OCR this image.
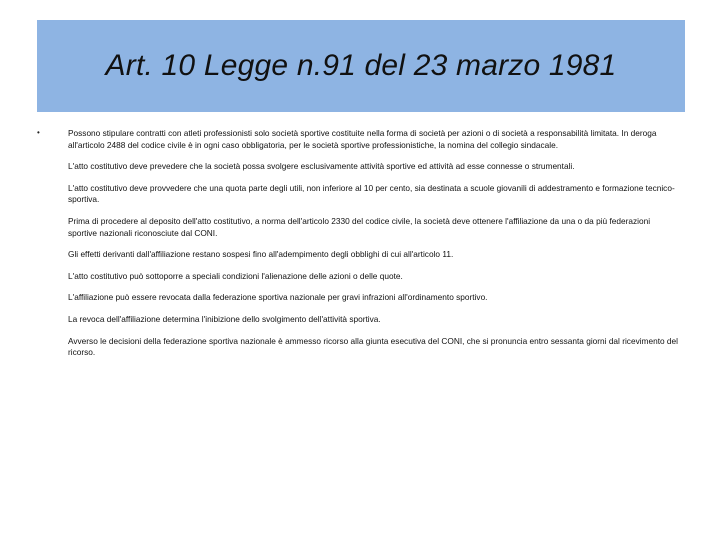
Art. 10 Legge n.91 del 23 marzo 1981
•	Possono stipulare contratti con atleti professionisti solo società sportive costituite nella forma di società per azioni o di società a responsabilità limitata. In deroga all'articolo 2488 del codice civile è in ogni caso obbligatoria, per le società sportive professionistiche, la nomina del collegio sindacale.

L'atto costitutivo deve prevedere che la società possa svolgere esclusivamente attività sportive ed attività ad esse connesse o strumentali.

L'atto costitutivo deve provvedere che una quota parte degli utili, non inferiore al 10 per cento, sia destinata a scuole giovanili di addestramento e formazione tecnico-sportiva.

Prima di procedere al deposito dell'atto costitutivo, a norma dell'articolo 2330 del codice civile, la società deve ottenere l'affiliazione da una o da più federazioni sportive nazionali riconosciute dal CONI.

Gli effetti derivanti dall'affiliazione restano sospesi fino all'adempimento degli obblighi di cui all'articolo 11.

L'atto costitutivo può sottoporre a speciali condizioni l'alienazione delle azioni o delle quote.

L'affiliazione può essere revocata dalla federazione sportiva nazionale per gravi infrazioni all'ordinamento sportivo.

La revoca dell'affiliazione determina l'inibizione dello svolgimento dell'attività sportiva.

Avverso le decisioni della federazione sportiva nazionale è ammesso ricorso alla giunta esecutiva del CONI, che si pronuncia entro sessanta giorni dal ricevimento del ricorso.
